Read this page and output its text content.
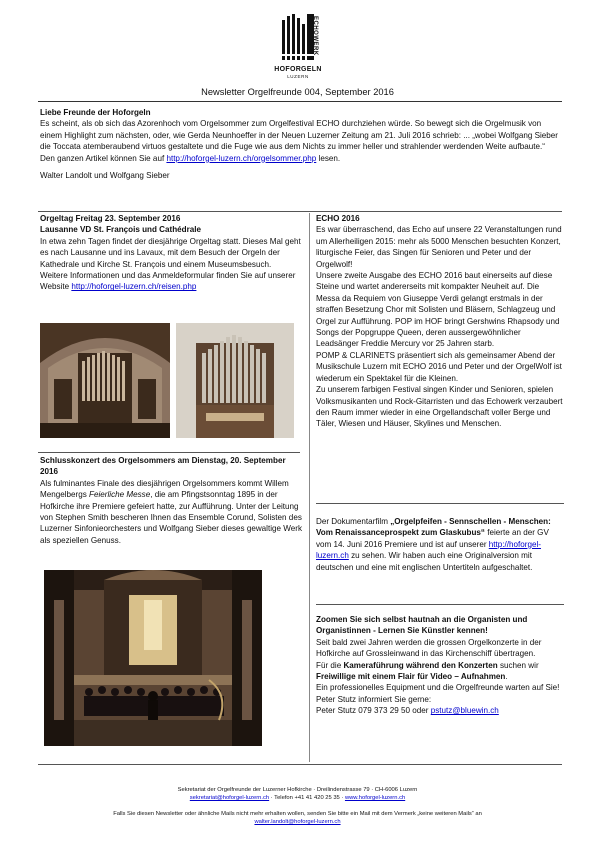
ECHOWERK
HOFORGELN
LUZERN
Newsletter Orgelfreunde 004, September 2016

Liebe Freunde der Hoforgeln

Es scheint, als ob sich das Azorenhoch vom Orgelsommer zum Orgelfestival ECHO durchziehen würde. So bewegt sich die Orgelmusik von einem Highlight zum nächsten, oder, wie Gerda Neunhoeffer in der Neuen Luzerner Zeitung am 21. Juli 2016 schrieb: ... „wobei Wolfgang Sieber die Toccata atemberaubend virtuos gestaltete und die Fuge wie aus dem Nichts zu immer heller und strahlender werdenden Weite aufbaute.“ Den ganzen Artikel können Sie auf http://hoforgel-luzern.ch/orgelsommer.php lesen.

Walter Landolt und Wolfgang Sieber

Orgeltag Freitag 23. September 2016

Lausanne VD St. François und Cathédrale

In etwa zehn Tagen findet der diesjährige Orgeltag statt. Dieses Mal geht es nach Lausanne und ins Lavaux, mit dem Besuch der Orgeln der Kathedrale und Kirche St. François und einem Museumsbesuch.

Weitere Informationen und das Anmeldeformular finden Sie auf unserer Website http://hoforgel-luzern.ch/reisen.php

Schlusskonzert des Orgelsommers am Dienstag, 20. September 2016

Als fulminantes Finale des diesjährigen Orgelsommers kommt Willem Mengelbergs Feierliche Messe, die am Pfingstsonntag 1895 in der Hofkirche ihre Premiere gefeiert hatte, zur Aufführung. Unter der Leitung von Stephen Smith bescheren Ihnen das Ensemble Corund, Solisten des Luzerner Sinfonieorchesters und Wolfgang Sieber dieses gewaltige Werk als speziellen Genuss.

ECHO 2016

Es war überraschend, das Echo auf unsere 22 Veranstaltungen rund um Allerheiligen 2015: mehr als 5000 Menschen besuchten Konzert, liturgische Feier, das Singen für Senioren und Peter und der Orgelwolf!

Unsere zweite Ausgabe des ECHO 2016 baut einerseits auf diese Steine und wartet andererseits mit kompakter Neuheit auf. Die Messa da Requiem von Giuseppe Verdi gelangt erstmals in der straffen Besetzung Chor mit Solisten und Bläsern, Schlagzeug und Orgel zur Aufführung. POP im HOF bringt Gershwins Rhapsody und Songs der Popgruppe Queen, deren aussergewöhnlicher Leadsänger Freddie Mercury vor 25 Jahren starb.

POMP & CLARINETS präsentiert sich als gemeinsamer Abend der Musikschule Luzern mit ECHO 2016 und Peter und der OrgelWolf ist wiederum ein Spektakel für die Kleinen.

Zu unserem farbigen Festival singen Kinder und Senioren, spielen Volksmusikanten und Rock-Gitarristen und das Echowerk verzaubert den Raum immer wieder in eine Orgellandschaft voller Berge und Täler, Wiesen und Häuser, Skylines und Menschen.

Der Dokumentarfilm „Orgelpfeifen - Sennschellen - Menschen: Vom Renaissanceprospekt zum Glaskubus“ feierte an der GV vom 14. Juni 2016 Premiere und ist auf unserer http://hoforgel-luzern.ch zu sehen. Wir haben auch eine Originalversion mit deutschen und eine mit englischen Untertiteln aufgeschaltet.

Zoomen Sie sich selbst hautnah an die Organisten und Organistinnen - Lernen Sie Künstler kennen!

Seit bald zwei Jahren werden die grossen Orgelkonzerte in der Hofkirche auf Grossleinwand in das Kirchenschiff übertragen.

Für die Kameraführung während den Konzerten suchen wir Freiwillige mit einem Flair für Video – Aufnahmen.

Ein professionelles Equipment und die Orgelfreunde warten auf Sie! Peter Stutz informiert Sie gerne:

Peter Stutz 079 373 29 50 oder pstutz@bluewin.ch

Sekretariat der Orgelfreunde der Luzerner Hofkirche · Dreilindenstrasse 79 · CH-6006 Luzern
sekretariat@hoforgel-luzern.ch · Telefon +41 41 420 25 35 · www.hoforgel-luzern.ch
Falls Sie diesen Newsletter oder ähnliche Mails nicht mehr erhalten wollen, senden Sie bitte ein Mail mit dem Vermerk „keine weiteren Mails“ an
walter.landolt@hoforgel-luzern.ch
